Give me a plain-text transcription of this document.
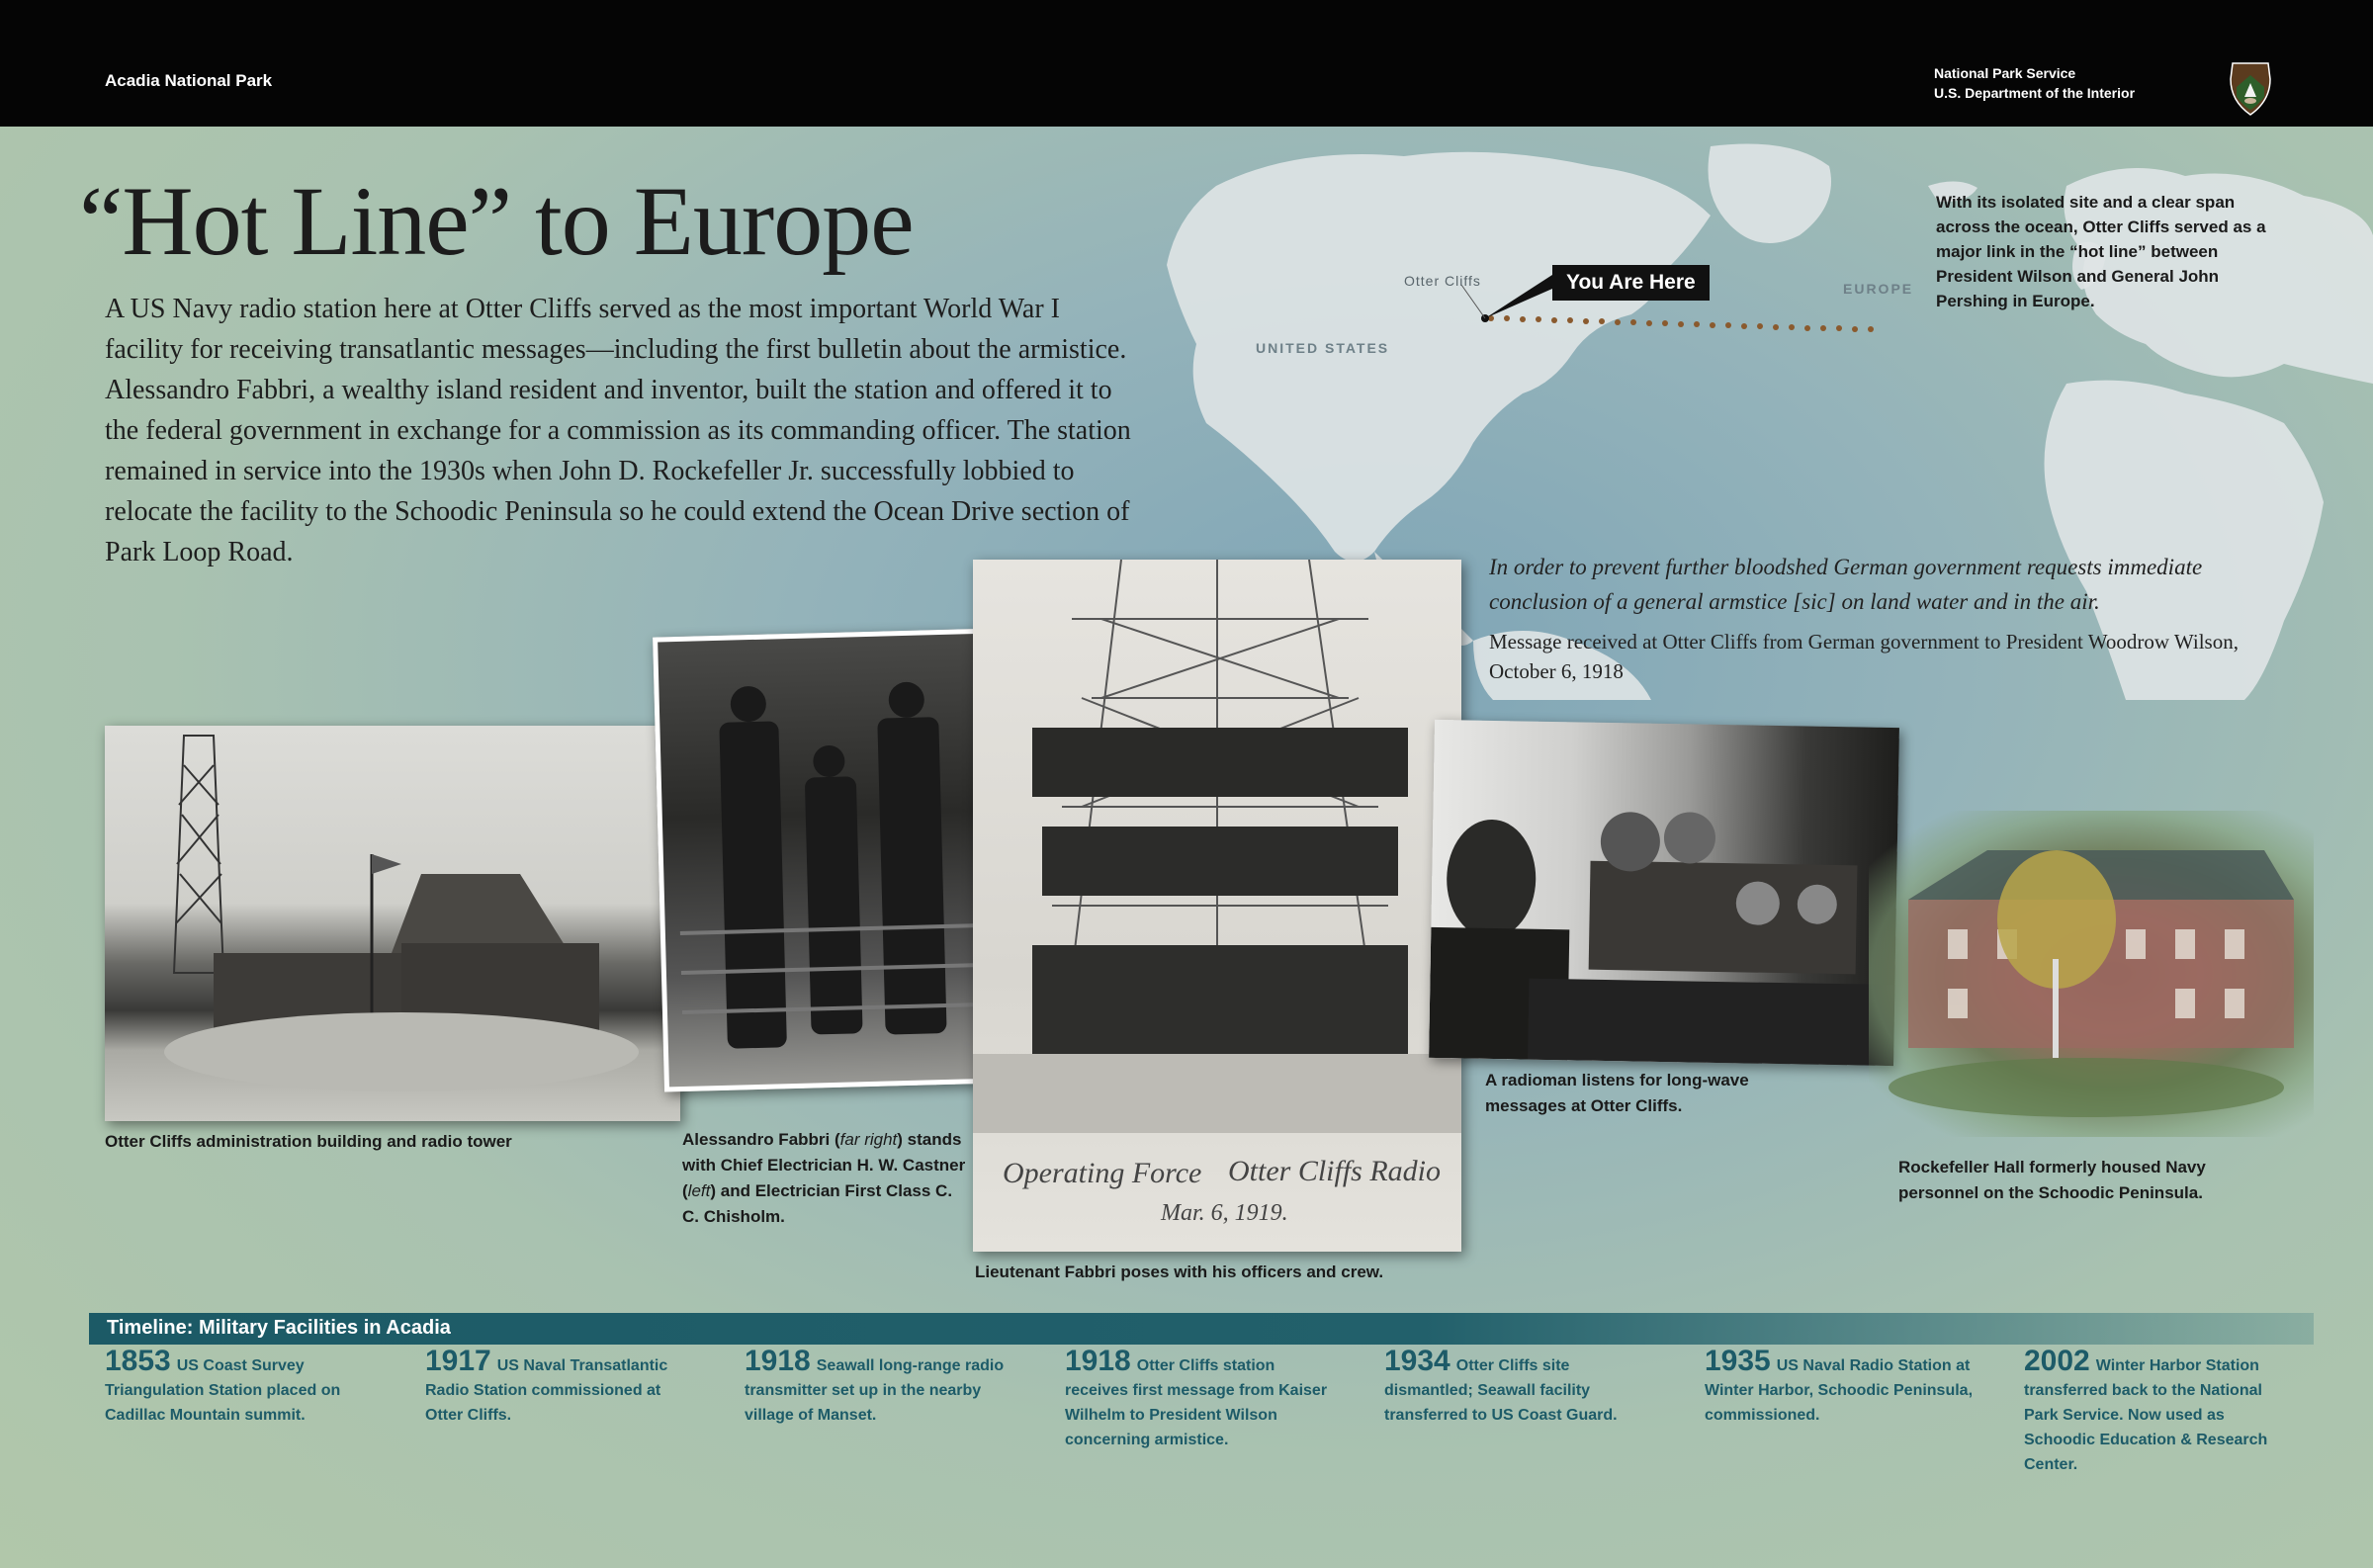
Acadia National Park	National Park Service
U.S. Department of the Interior
Otter Cliffs
UNITED STATES
EUROPE
You Are Here
With its isolated site and a clear span across the ocean, Otter Cliffs served as a major link in the “hot line” between President Wilson and General John Pershing in Europe.
“Hot Line” to Europe
A US Navy radio station here at Otter Cliffs served as the most important World War I facility for receiving transatlantic messages—including the first bulletin about the armistice. Alessandro Fabbri, a wealthy island resident and inventor, built the station and offered it to the federal government in exchange for a commission as its commanding officer. The station remained in service into the 1930s when John D. Rockefeller Jr. successfully lobbied to relocate the facility to the Schoodic Peninsula so he could extend the Ocean Drive section of Park Loop Road.	In order to prevent further bloodshed German government requests immediate conclusion of a general armstice [sic] on land water and in the air.
Message received at Otter Cliffs from German government to President Woodrow Wilson, October 6, 1918
Otter Cliffs administration building and radio tower	Alessandro Fabbri (far right) stands with Chief Electrician H. W. Castner (left) and Electrician First Class C. C. Chisholm.
Operating Force Otter Cliffs Radio
Mar. 6, 1919.
Lieutenant Fabbri poses with his officers and crew.
A radioman listens for long-wave messages at Otter Cliffs.
Rockefeller Hall formerly housed Navy personnel on the Schoodic Peninsula.
Timeline: Military Facilities in Acadia
1853 US Coast Survey Triangulation Station placed on Cadillac Mountain summit.
1917 US Naval Transatlantic Radio Station commissioned at Otter Cliffs.
1918 Seawall long-range radio transmitter set up in the nearby village of Manset.
1918 Otter Cliffs station receives first message from Kaiser Wilhelm to President Wilson concerning armistice.
1934 Otter Cliffs site dismantled; Seawall facility transferred to US Coast Guard.
1935 US Naval Radio Station at Winter Harbor, Schoodic Peninsula, commissioned.
2002 Winter Harbor Station transferred back to the National Park Service. Now used as Schoodic Education & Research Center.
